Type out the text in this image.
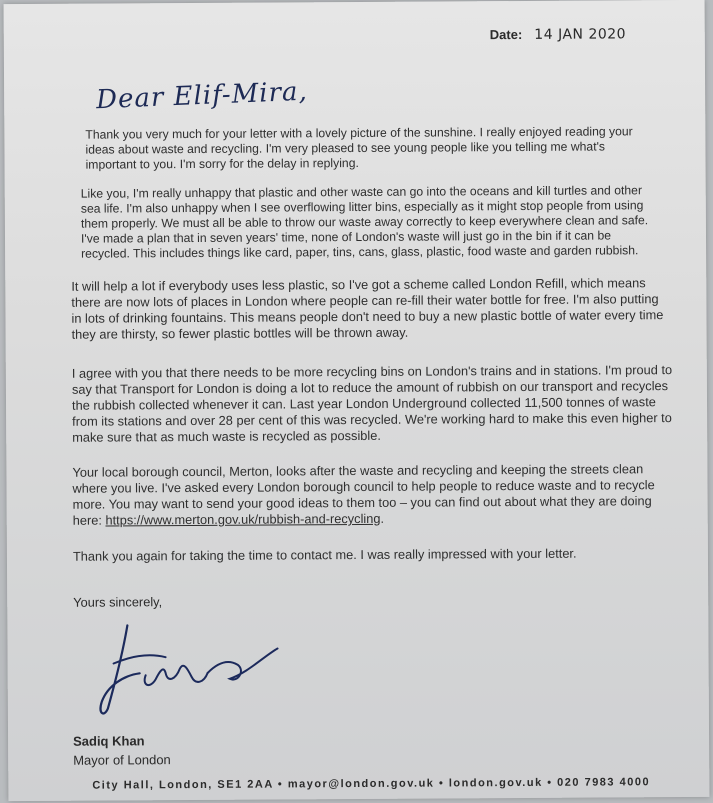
Date: 14 JAN 2020
Dear Elif-Mira,
Thank you very much for your letter with a lovely picture of the sunshine. I really enjoyed reading your ideas about waste and recycling. I'm very pleased to see young people like you telling me what's important to you. I'm sorry for the delay in replying.
Like you, I'm really unhappy that plastic and other waste can go into the oceans and kill turtles and other sea life. I'm also unhappy when I see overflowing litter bins, especially as it might stop people from using them properly. We must all be able to throw our waste away correctly to keep everywhere clean and safe. I've made a plan that in seven years' time, none of London's waste will just go in the bin if it can be recycled. This includes things like card, paper, tins, cans, glass, plastic, food waste and garden rubbish.
It will help a lot if everybody uses less plastic, so I've got a scheme called London Refill, which means there are now lots of places in London where people can re-fill their water bottle for free. I'm also putting in lots of drinking fountains. This means people don't need to buy a new plastic bottle of water every time they are thirsty, so fewer plastic bottles will be thrown away.
I agree with you that there needs to be more recycling bins on London's trains and in stations. I'm proud to say that Transport for London is doing a lot to reduce the amount of rubbish on our transport and recycles the rubbish collected whenever it can. Last year London Underground collected 11,500 tonnes of waste from its stations and over 28 per cent of this was recycled. We're working hard to make this even higher to make sure that as much waste is recycled as possible.
Your local borough council, Merton, looks after the waste and recycling and keeping the streets clean where you live. I've asked every London borough council to help people to reduce waste and to recycle more. You may want to send your good ideas to them too – you can find out about what they are doing here: https://www.merton.gov.uk/rubbish-and-recycling.
Thank you again for taking the time to contact me. I was really impressed with your letter.
Yours sincerely,
Sadiq Khan
Mayor of London
City Hall, London, SE1 2AA • mayor@london.gov.uk • london.gov.uk • 020 7983 4000
